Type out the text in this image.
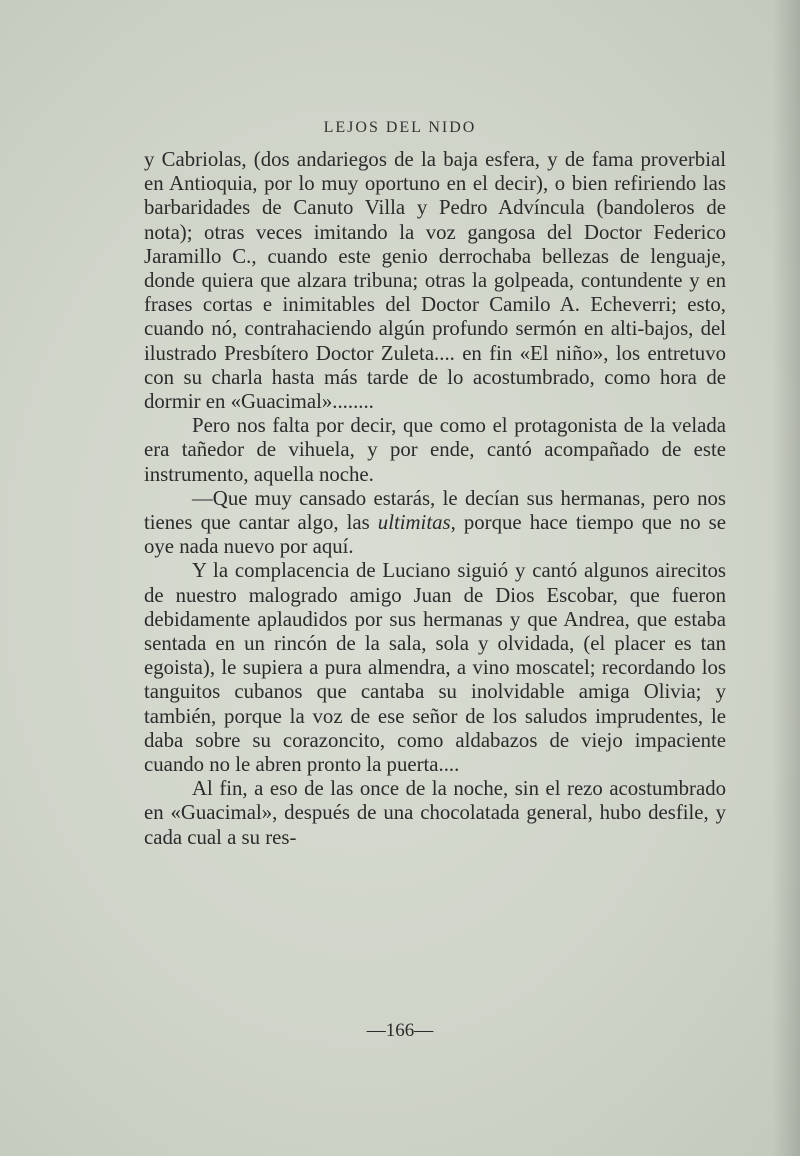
LEJOS DEL NIDO

y Cabriolas, (dos andariegos de la baja esfera, y de fama proverbial en Antioquia, por lo muy oportuno en el decir), o bien refiriendo las barbaridades de Canuto Villa y Pedro Advíncula (bandoleros de nota); otras veces imitando la voz gangosa del Doctor Federico Jaramillo C., cuando este genio derrochaba bellezas de lenguaje, donde quiera que alzara tribuna; otras la golpeada, contundente y en frases cortas e inimitables del Doctor Camilo A. Echeverri; esto, cuando nó, contrahaciendo algún profundo sermón en alti-bajos, del ilustrado Presbítero Doctor Zuleta.... en fin «El niño», los entretuvo con su charla hasta más tarde de lo acostumbrado, como hora de dormir en «Guacimal»........

Pero nos falta por decir, que como el protagonista de la velada era tañedor de vihuela, y por ende, cantó acompañado de este instrumento, aquella noche.

—Que muy cansado estarás, le decían sus hermanas, pero nos tienes que cantar algo, las ultimitas, porque hace tiempo que no se oye nada nuevo por aquí.

Y la complacencia de Luciano siguió y cantó algunos airecitos de nuestro malogrado amigo Juan de Dios Escobar, que fueron debidamente aplaudidos por sus hermanas y que Andrea, que estaba sentada en un rincón de la sala, sola y olvidada, (el placer es tan egoista), le supiera a pura almendra, a vino moscatel; recordando los tanguitos cubanos que cantaba su inolvidable amiga Olivia; y también, porque la voz de ese señor de los saludos imprudentes, le daba sobre su corazoncito, como aldabazos de viejo impaciente cuando no le abren pronto la puerta....

Al fin, a eso de las once de la noche, sin el rezo acostumbrado en «Guacimal», después de una chocolatada general, hubo desfile, y cada cual a su res-

—166—
